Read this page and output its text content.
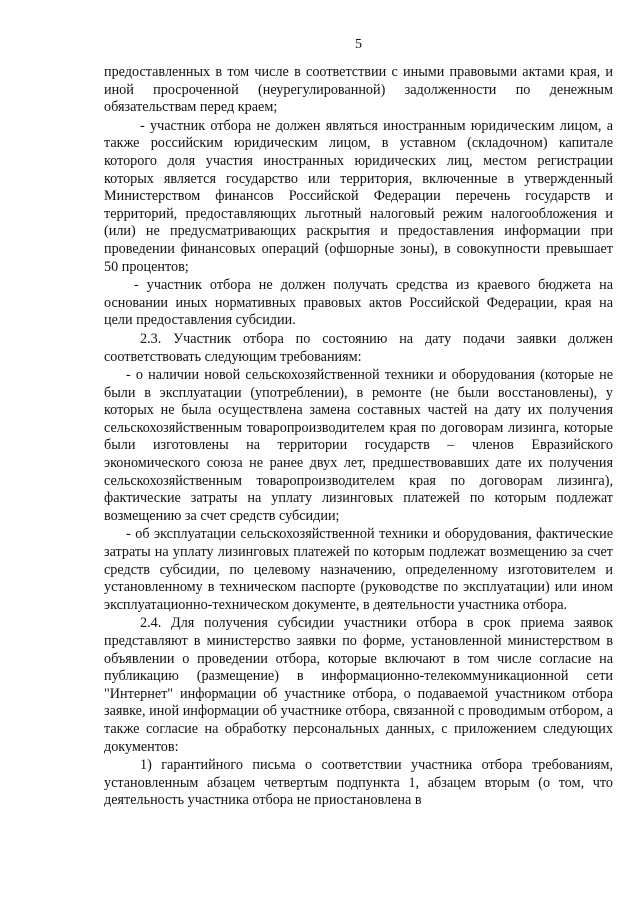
5

предоставленных в том числе в соответствии с иными правовыми актами края, и иной просроченной (неурегулированной) задолженности по денежным обязательствам перед краем;

- участник отбора не должен являться иностранным юридическим лицом, а также российским юридическим лицом, в уставном (складочном) капитале которого доля участия иностранных юридических лиц, местом регистрации которых является государство или территория, включенные в утвержденный Министерством финансов Российской Федерации перечень государств и территорий, предоставляющих льготный налоговый режим налогообложения и (или) не предусматривающих раскрытия и предоставления информации при проведении финансовых операций (офшорные зоны), в совокупности превышает 50 процентов;

- участник отбора не должен получать средства из краевого бюджета на основании иных нормативных правовых актов Российской Федерации, края на цели предоставления субсидии.

2.3. Участник отбора по состоянию на дату подачи заявки должен соответствовать следующим требованиям:

- о наличии новой сельскохозяйственной техники и оборудования (которые не были в эксплуатации (употреблении), в ремонте (не были восстановлены), у которых не была осуществлена замена составных частей на дату их получения сельскохозяйственным товаропроизводителем края по договорам лизинга, которые были изготовлены на территории государств – членов Евразийского экономического союза не ранее двух лет, предшествовавших дате их получения сельскохозяйственным товаропроизводителем края по договорам лизинга), фактические затраты на уплату лизинговых платежей по которым подлежат возмещению за счет средств субсидии;

- об эксплуатации сельскохозяйственной техники и оборудования, фактические затраты на уплату лизинговых платежей по которым подлежат возмещению за счет средств субсидии, по целевому назначению, определенному изготовителем и установленному в техническом паспорте (руководстве по эксплуатации) или ином эксплуатационно-техническом документе, в деятельности участника отбора.

2.4. Для получения субсидии участники отбора в срок приема заявок представляют в министерство заявки по форме, установленной министерством в объявлении о проведении отбора, которые включают в том числе согласие на публикацию (размещение) в информационно-телекоммуникационной сети "Интернет" информации об участнике отбора, о подаваемой участником отбора заявке, иной информации об участнике отбора, связанной с проводимым отбором, а также согласие на обработку персональных данных, с приложением следующих документов:

1) гарантийного письма о соответствии участника отбора требованиям, установленным абзацем четвертым подпункта 1, абзацем вторым (о том, что деятельность участника отбора не приостановлена в
